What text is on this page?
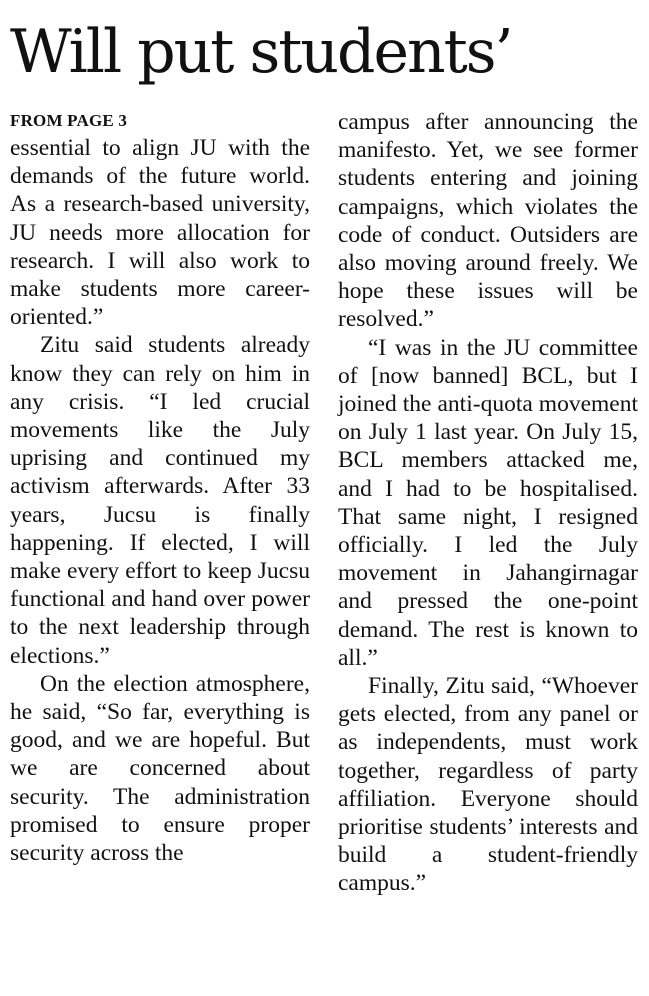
Will put students’
FROM PAGE 3

essential to align JU with the demands of the future world. As a research-based university, JU needs more allocation for research. I will also work to make students more career-oriented.”

Zitu said students already know they can rely on him in any crisis. “I led crucial movements like the July uprising and continued my activism afterwards. After 33 years, Jucsu is finally happening. If elected, I will make every effort to keep Jucsu functional and hand over power to the next leadership through elections.”

On the election atmosphere, he said, “So far, everything is good, and we are hopeful. But we are concerned about security. The administration promised to ensure proper security across the

campus after announcing the manifesto. Yet, we see former students entering and joining campaigns, which violates the code of conduct. Outsiders are also moving around freely. We hope these issues will be resolved.”

“I was in the JU committee of [now banned] BCL, but I joined the anti-quota movement on July 1 last year. On July 15, BCL members attacked me, and I had to be hospitalised. That same night, I resigned officially. I led the July movement in Jahangirnagar and pressed the one-point demand. The rest is known to all.”

Finally, Zitu said, “Whoever gets elected, from any panel or as independents, must work together, regardless of party affiliation. Everyone should prioritise students’ interests and build a student-friendly campus.”
